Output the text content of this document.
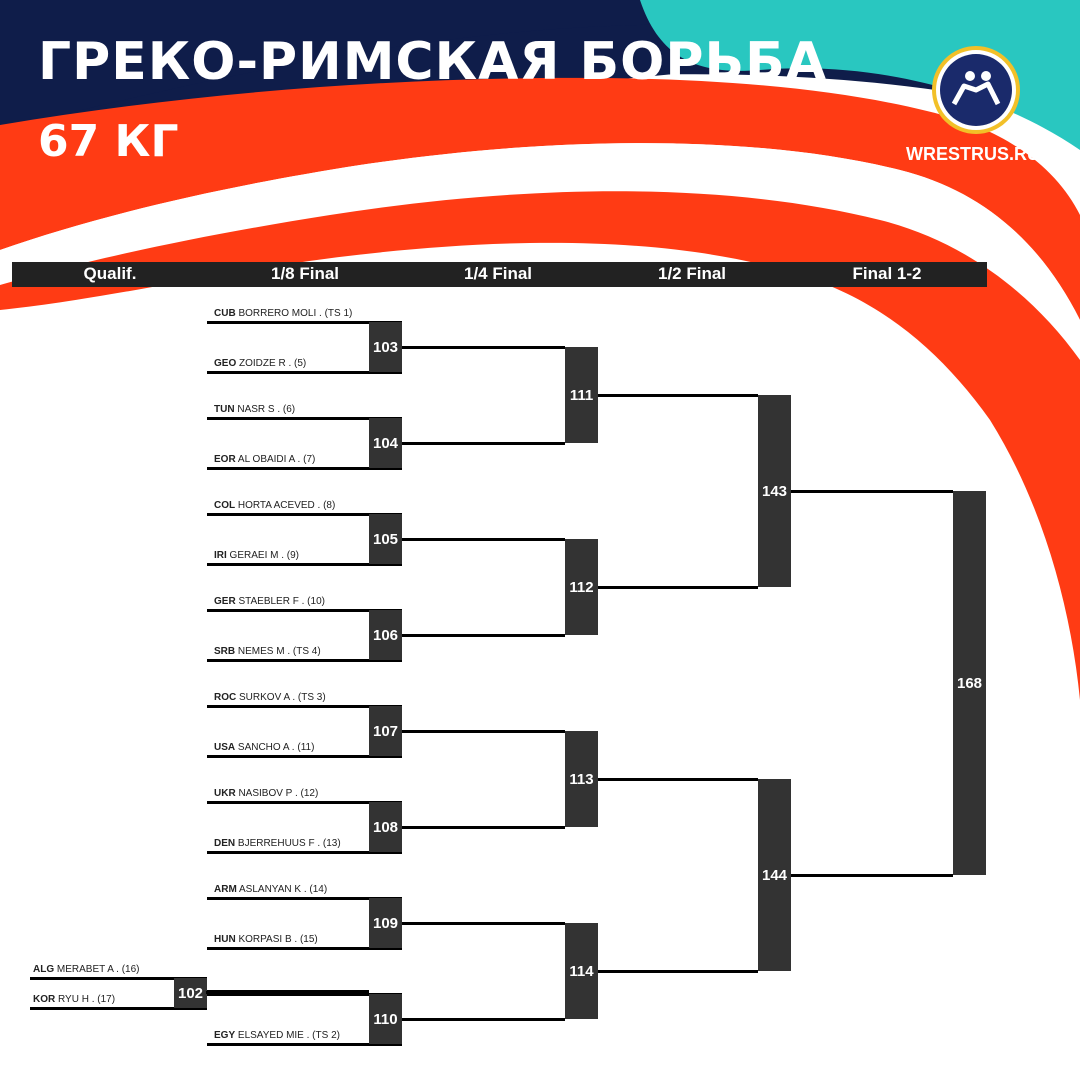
ГРЕКО-РИМСКАЯ БОРЬБА
67 КГ	WRESTRUS.RU
Qualif.	1/8 Final	1/4 Final	1/2 Final	Final 1-2
103
104
105
106
107
108
109
110
CUB BORRERO MOLI . (TS 1)
GEO ZOIDZE R . (5)
TUN NASR S . (6)
EOR AL OBAIDI A . (7)
COL HORTA ACEVED . (8)
IRI GERAEI M . (9)
GER STAEBLER F . (10)
SRB NEMES M . (TS 4)
ROC SURKOV A . (TS 3)
USA SANCHO A . (11)
UKR NASIBOV P . (12)
DEN BJERREHUUS F . (13)
ARM ASLANYAN K . (14)
HUN KORPASI B . (15)
EGY ELSAYED MIE . (TS 2)
102
ALG MERABET A . (16)
KOR RYU H . (17)
111
112
113
114
143
144
168
